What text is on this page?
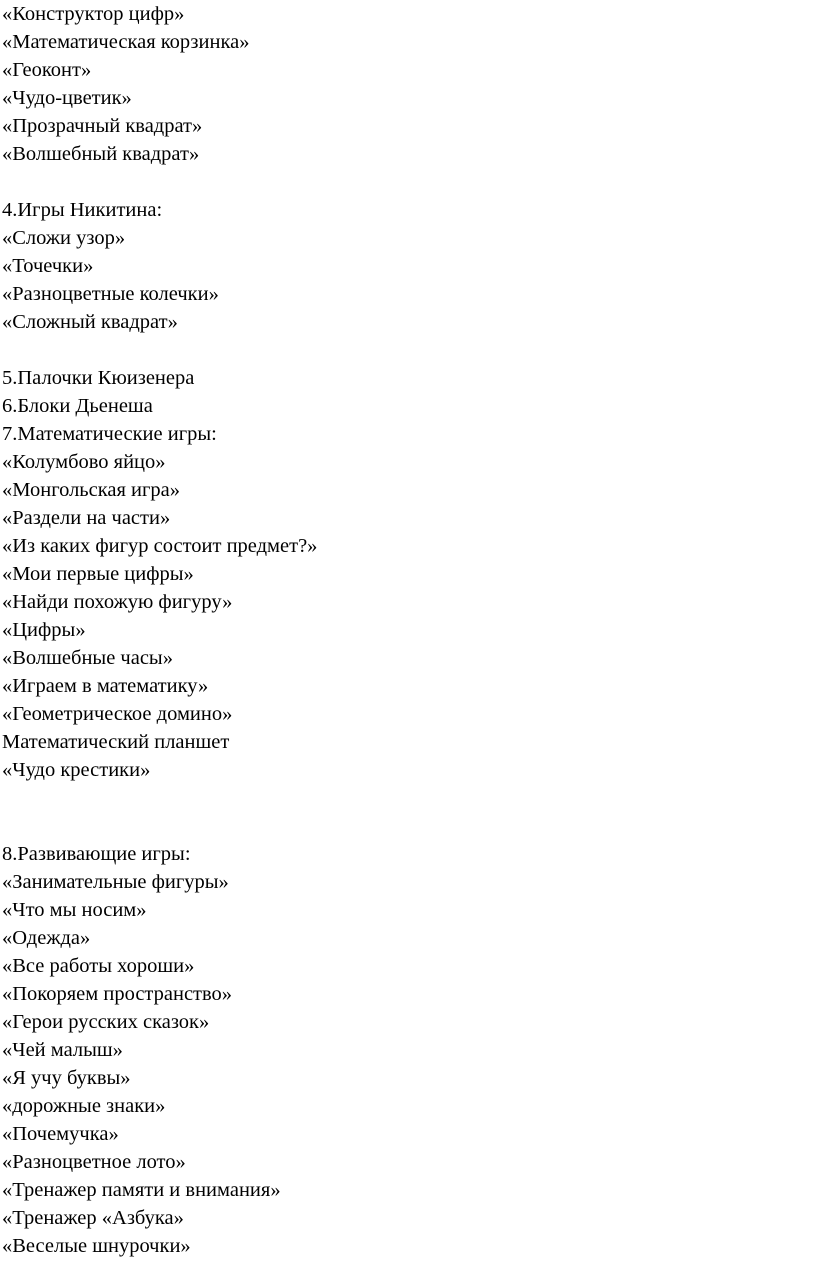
«Конструктор цифр»
«Математическая корзинка»
«Геоконт»
«Чудо-цветик»
«Прозрачный квадрат»
«Волшебный квадрат»
4.Игры Никитина:
«Сложи узор»
«Точечки»
«Разноцветные колечки»
«Сложный квадрат»
5.Палочки Кюизенера
6.Блоки Дьенеша
7.Математические игры:
«Колумбово яйцо»
«Монгольская игра»
«Раздели на части»
«Из каких фигур состоит предмет?»
«Мои первые цифры»
«Найди похожую фигуру»
«Цифры»
«Волшебные часы»
«Играем в математику»
«Геометрическое домино»
Математический планшет
«Чудо крестики»
8.Развивающие игры:
«Занимательные фигуры»
«Что мы носим»
«Одежда»
«Все работы хороши»
«Покоряем пространство»
«Герои русских сказок»
«Чей малыш»
«Я учу буквы»
«дорожные знаки»
«Почемучка»
«Разноцветное лото»
«Тренажер памяти и внимания»
«Тренажер «Азбука»
«Веселые шнурочки»
